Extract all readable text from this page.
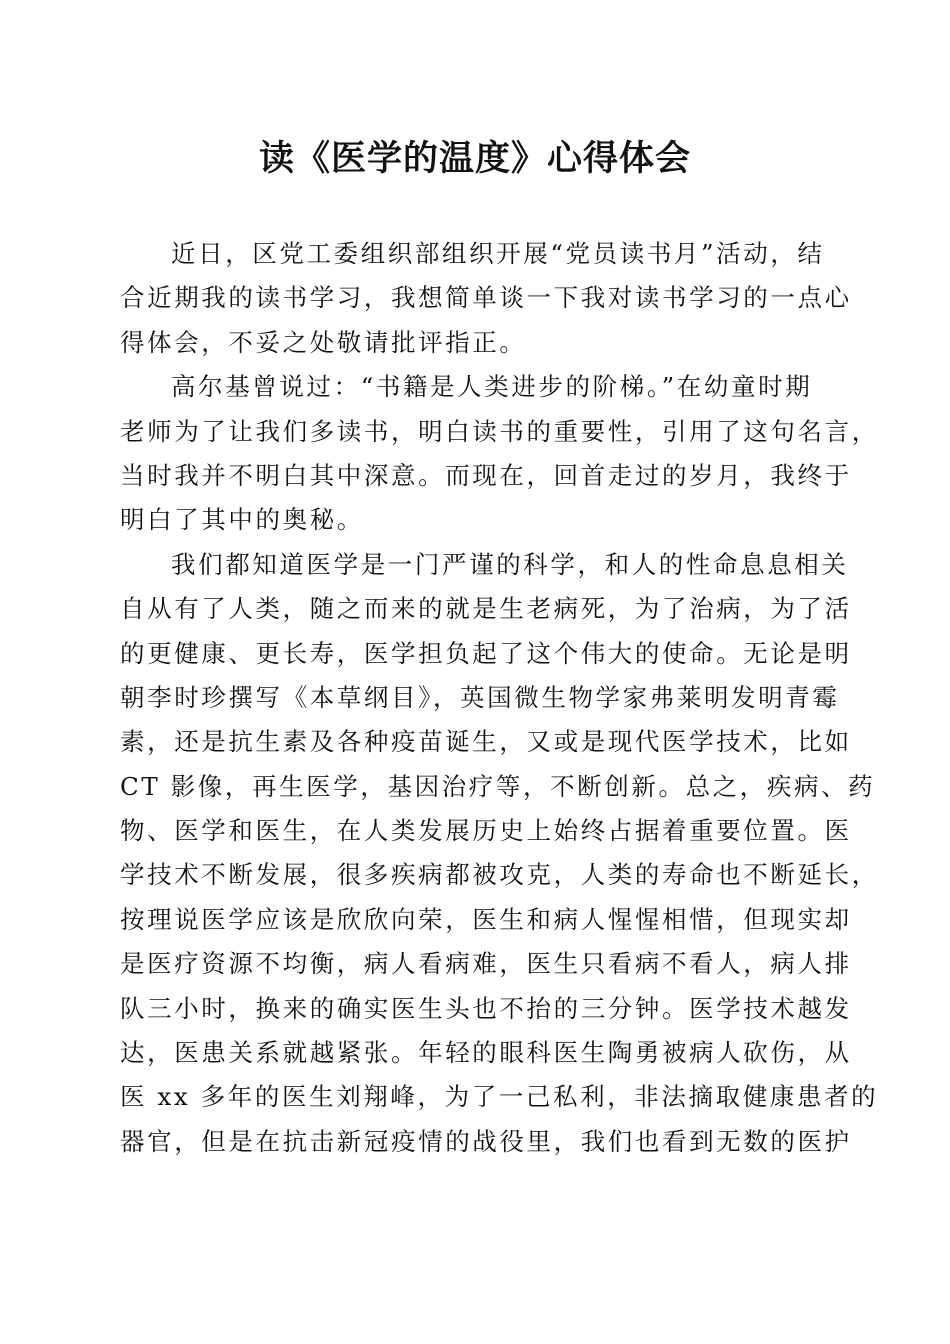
读《医学的温度》心得体会

近日，区党工委组织部组织开展“党员读书月”活动，结
合近期我的读书学习，我想简单谈一下我对读书学习的一点心
得体会，不妥之处敬请批评指正。

高尔基曾说过：“书籍是人类进步的阶梯。”在幼童时期
老师为了让我们多读书，明白读书的重要性，引用了这句名言，
当时我并不明白其中深意。而现在，回首走过的岁月，我终于
明白了其中的奥秘。

我们都知道医学是一门严谨的科学，和人的性命息息相关
自从有了人类，随之而来的就是生老病死，为了治病，为了活
的更健康、更长寿，医学担负起了这个伟大的使命。无论是明
朝李时珍撰写《本草纲目》，英国微生物学家弗莱明发明青霉
素，还是抗生素及各种疫苗诞生，又或是现代医学技术，比如
CT 影像，再生医学，基因治疗等，不断创新。总之，疾病、药
物、医学和医生，在人类发展历史上始终占据着重要位置。医
学技术不断发展，很多疾病都被攻克，人类的寿命也不断延长，
按理说医学应该是欣欣向荣，医生和病人惺惺相惜，但现实却
是医疗资源不均衡，病人看病难，医生只看病不看人，病人排
队三小时，换来的确实医生头也不抬的三分钟。医学技术越发
达，医患关系就越紧张。年轻的眼科医生陶勇被病人砍伤，从
医 xx 多年的医生刘翔峰，为了一己私利，非法摘取健康患者的
器官，但是在抗击新冠疫情的战役里，我们也看到无数的医护
